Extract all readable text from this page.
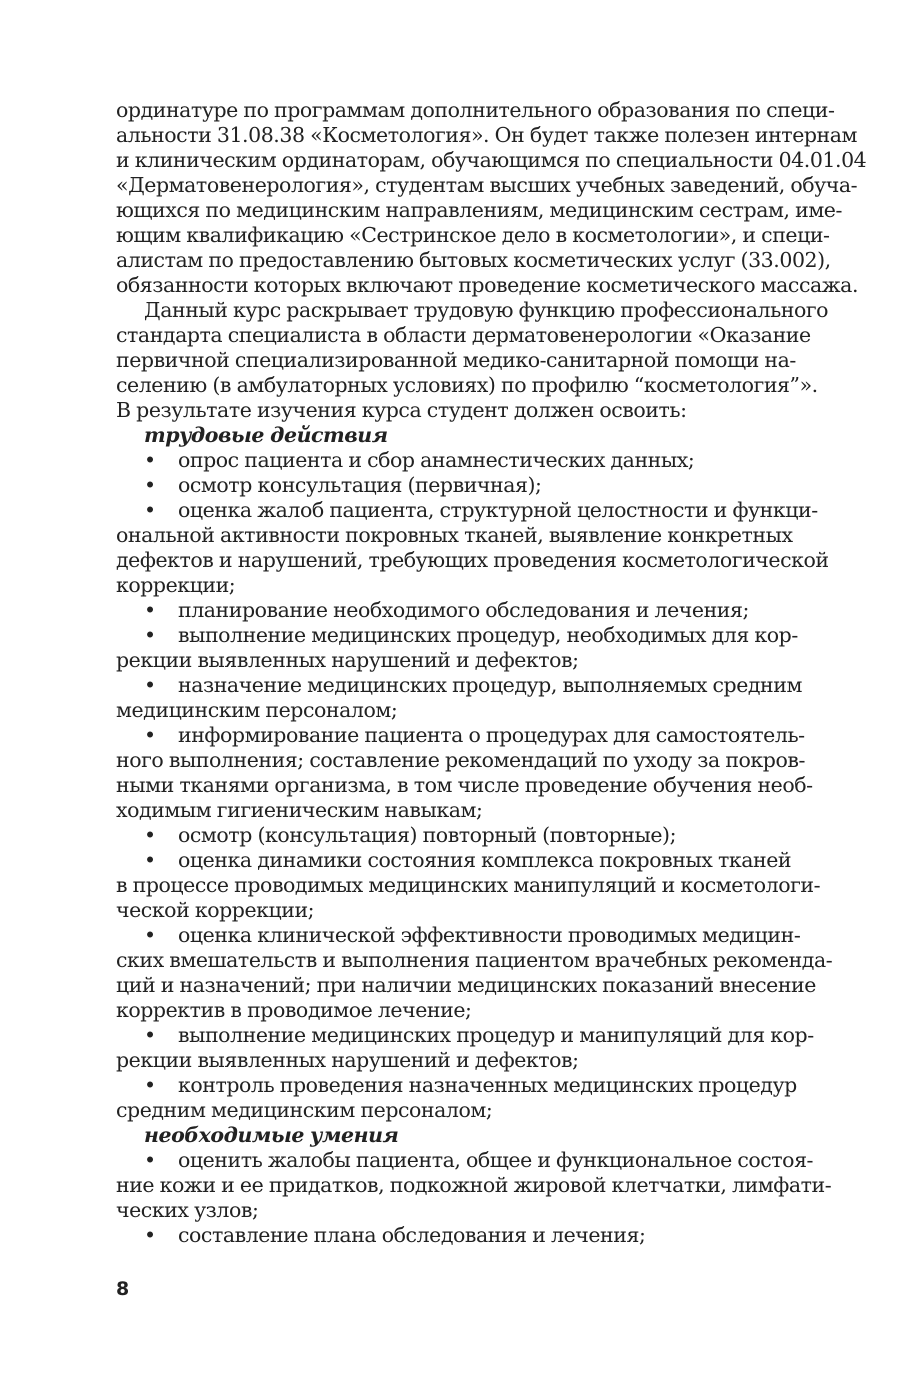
ординатуре по программам дополнительного образования по специ-
альности 31.08.38 «Косметология». Он будет также полезен интернам
и клиническим ординаторам, обучающимся по специальности 04.01.04
«Дерматовенерология», студентам высших учебных заведений, обуча-
ющихся по медицинским направлениям, медицинским сестрам, име-
ющим квалификацию «Сестринское дело в косметологии», и специ-
алистам по предоставлению бытовых косметических услуг (33.002),
обязанности которых включают проведение косметического массажа.
Данный курс раскрывает трудовую функцию профессионального
стандарта специалиста в области дерматовенерологии «Оказание
первичной специализированной медико-санитарной помощи на-
селению (в амбулаторных условиях) по профилю “косметология”».
В результате изучения курса студент должен освоить:
трудовые действия
•	опрос пациента и сбор анамнестических данных;
•	осмотр консультация (первичная);
•	оценка жалоб пациента, структурной целостности и функци-
ональной активности покровных тканей, выявление конкретных
дефектов и нарушений, требующих проведения косметологической
коррекции;
•	планирование необходимого обследования и лечения;
•	выполнение медицинских процедур, необходимых для кор-
рекции выявленных нарушений и дефектов;
•	назначение медицинских процедур, выполняемых средним
медицинским персоналом;
•	информирование пациента о процедурах для самостоятель-
ного выполнения; составление рекомендаций по уходу за покров-
ными тканями организма, в том числе проведение обучения необ-
ходимым гигиеническим навыкам;
•	осмотр (консультация) повторный (повторные);
•	оценка динамики состояния комплекса покровных тканей
в процессе проводимых медицинских манипуляций и косметологи-
ческой коррекции;
•	оценка клинической эффективности проводимых медицин-
ских вмешательств и выполнения пациентом врачебных рекоменда-
ций и назначений; при наличии медицинских показаний внесение
корректив в проводимое лечение;
•	выполнение медицинских процедур и манипуляций для кор-
рекции выявленных нарушений и дефектов;
•	контроль проведения назначенных медицинских процедур
средним медицинским персоналом;
необходимые умения
•	оценить жалобы пациента, общее и функциональное состоя-
ние кожи и ее придатков, подкожной жировой клетчатки, лимфати-
ческих узлов;
•	составление плана обследования и лечения;
8
